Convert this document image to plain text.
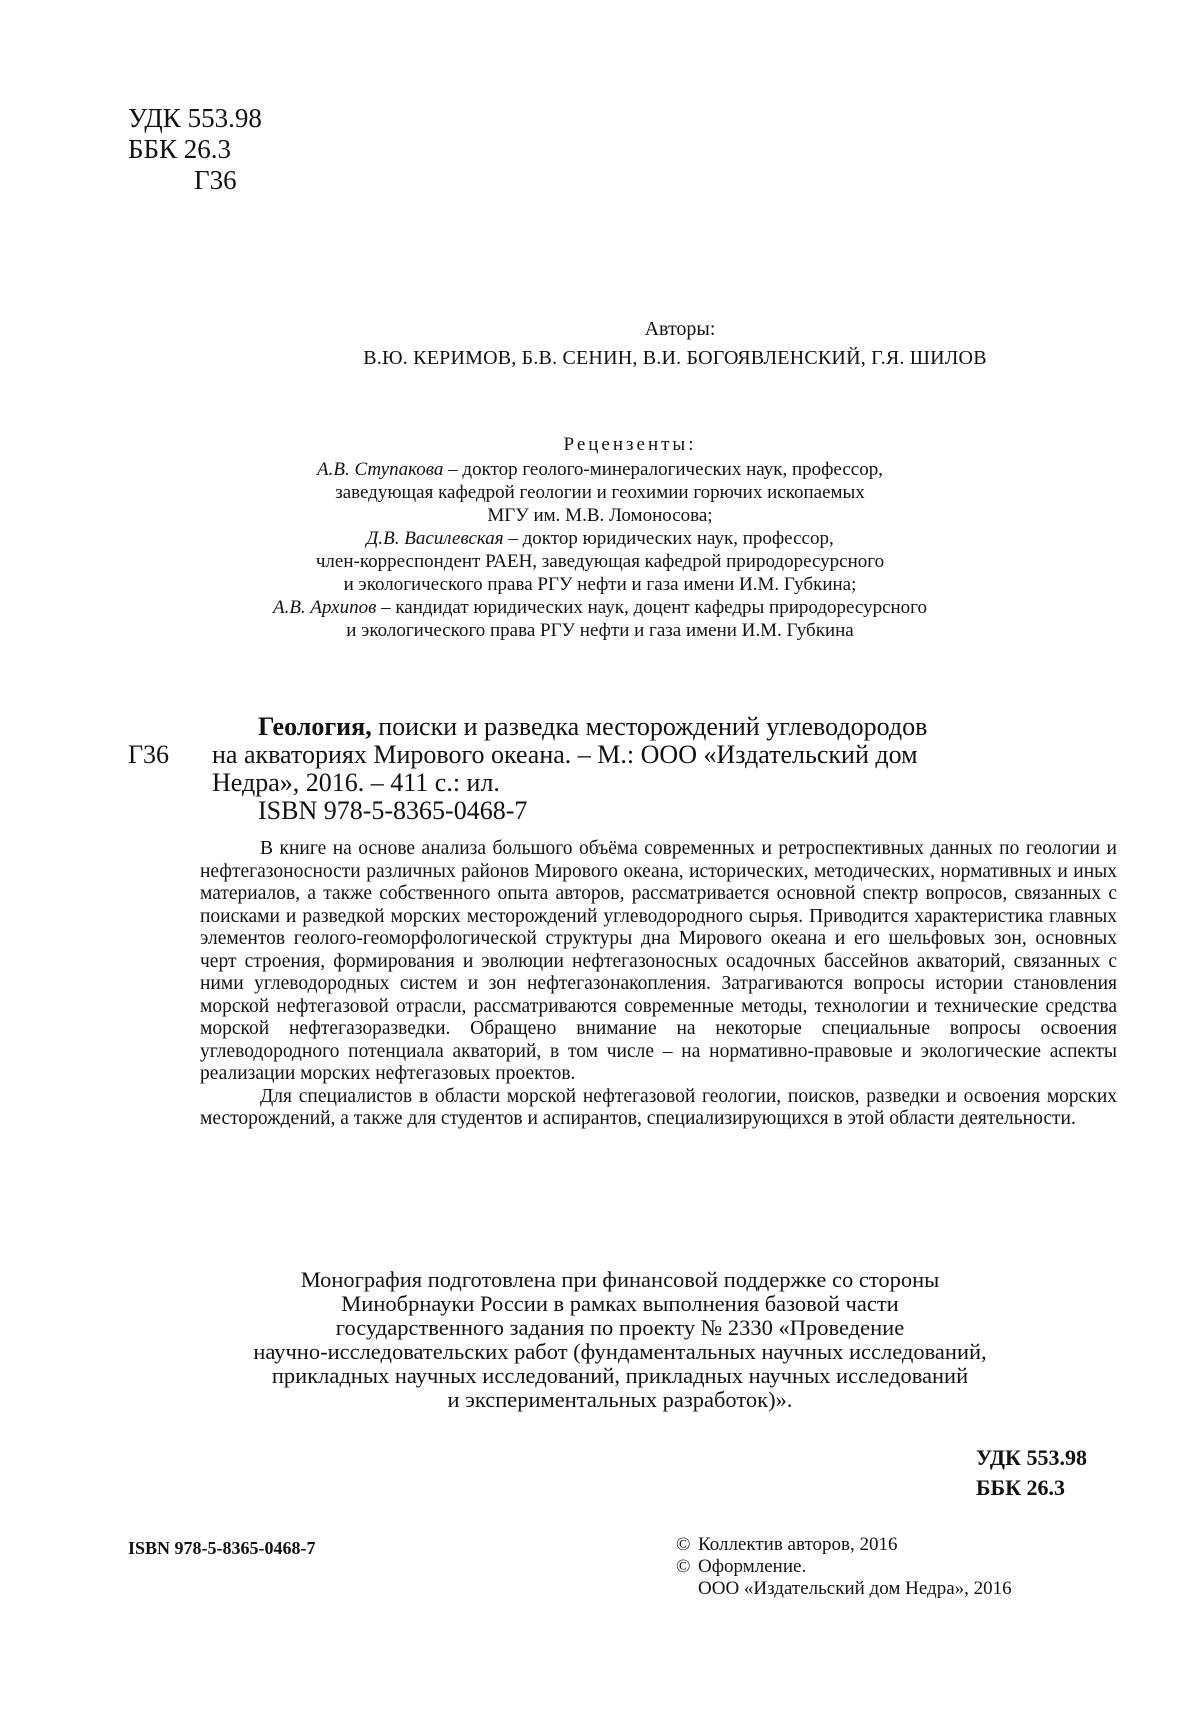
УДК 553.98
ББК 26.3
Г36
Авторы:
В.Ю. КЕРИМОВ, Б.В. СЕНИН, В.И. БОГОЯВЛЕНСКИЙ, Г.Я. ШИЛОВ
Рецензенты:

А.В. Ступакова – доктор геолого-минералогических наук, профессор,

заведующая кафедрой геологии и геохимии горючих ископаемых

МГУ им. М.В. Ломоносова;

Д.В. Василевская – доктор юридических наук, профессор,

член-корреспондент РАЕН, заведующая кафедрой природоресурсного

и экологического права РГУ нефти и газа имени И.М. Губкина;

А.В. Архипов – кандидат юридических наук, доцент кафедры природоресурсного

и экологического права РГУ нефти и газа имени И.М. Губкина

Геология, поиски и разведка месторождений углеводородов
Г36	на акваториях Мирового океана. – М.: ООО «Издательский дом
Недра», 2016. – 411 с.: ил.
ISBN 978-5-8365-0468-7

В книге на основе анализа большого объёма современных и ретроспективных данных по геологии и нефтегазоносности различных районов Мирового океана, исторических, методических, нормативных и иных материалов, а также собственного опыта авторов, рассматривается основной спектр вопросов, связанных с поисками и разведкой морских месторождений углеводородного сырья. Приводится характеристика главных элементов геолого-геоморфологической структуры дна Мирового океана и его шельфовых зон, основных черт строения, формирования и эволюции нефтегазоносных осадочных бассейнов акваторий, связанных с ними углеводородных систем и зон нефтегазонакопления. Затрагиваются вопросы истории становления морской нефтегазовой отрасли, рассматриваются современные методы, технологии и технические средства морской нефтегазоразведки. Обращено внимание на некоторые специальные вопросы освоения углеводородного потенциала акваторий, в том числе – на нормативно-правовые и экологические аспекты реализации морских нефтегазовых проектов.

Для специалистов в области морской нефтегазовой геологии, поисков, разведки и освоения морских месторождений, а также для студентов и аспирантов, специализирующихся в этой области деятельности.

Монография подготовлена при финансовой поддержке со стороны
Минобрнауки России в рамках выполнения базовой части
государственного задания по проекту № 2330 «Проведение
научно-исследовательских работ (фундаментальных научных исследований,
прикладных научных исследований, прикладных научных исследований
и экспериментальных разработок)».
УДК 553.98
ББК 26.3
ISBN 978-5-8365-0468-7	© Коллектив авторов, 2016
© Оформление.
ООО «Издательский дом Недра», 2016
